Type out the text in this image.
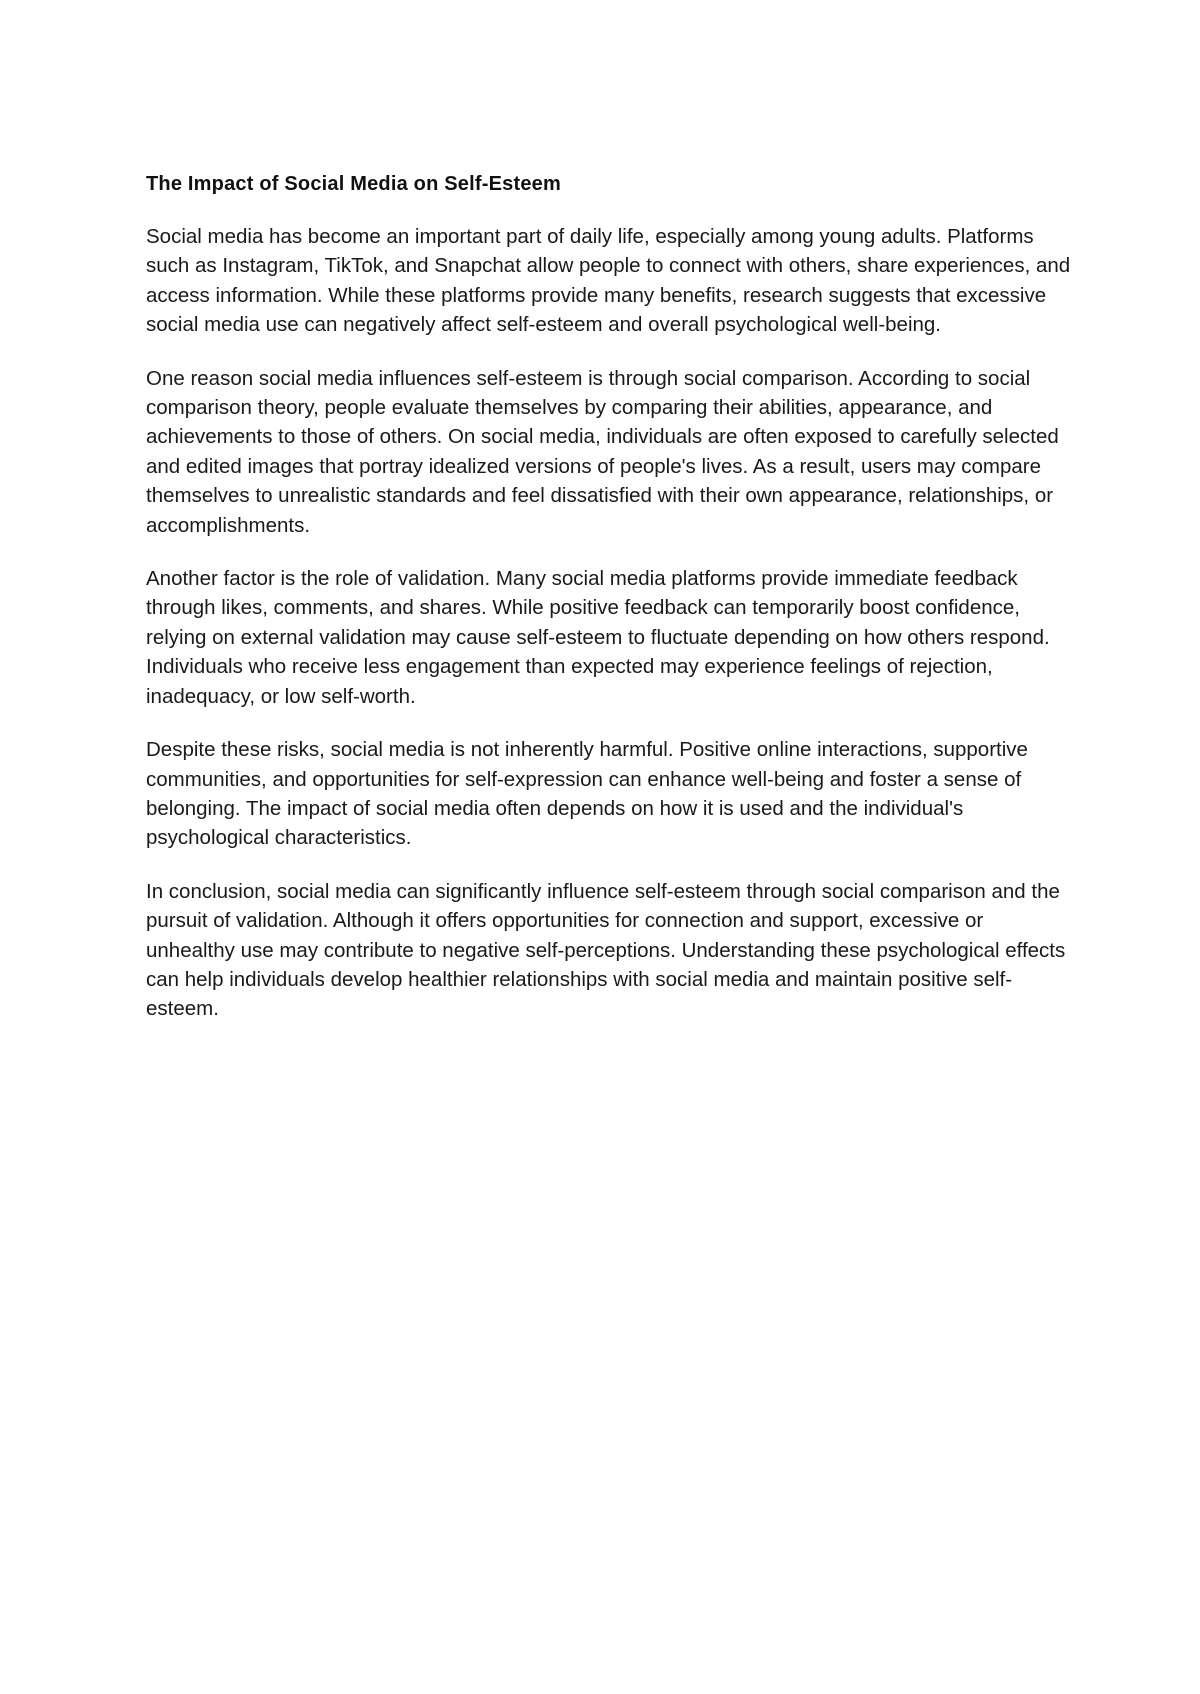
The Impact of Social Media on Self-Esteem

Social media has become an important part of daily life, especially among young adults. Platforms such as Instagram, TikTok, and Snapchat allow people to connect with others, share experiences, and access information. While these platforms provide many benefits, research suggests that excessive social media use can negatively affect self-esteem and overall psychological well-being.

One reason social media influences self-esteem is through social comparison. According to social comparison theory, people evaluate themselves by comparing their abilities, appearance, and achievements to those of others. On social media, individuals are often exposed to carefully selected and edited images that portray idealized versions of people's lives. As a result, users may compare themselves to unrealistic standards and feel dissatisfied with their own appearance, relationships, or accomplishments.

Another factor is the role of validation. Many social media platforms provide immediate feedback through likes, comments, and shares. While positive feedback can temporarily boost confidence, relying on external validation may cause self-esteem to fluctuate depending on how others respond. Individuals who receive less engagement than expected may experience feelings of rejection, inadequacy, or low self-worth.

Despite these risks, social media is not inherently harmful. Positive online interactions, supportive communities, and opportunities for self-expression can enhance well-being and foster a sense of belonging. The impact of social media often depends on how it is used and the individual's psychological characteristics.

In conclusion, social media can significantly influence self-esteem through social comparison and the pursuit of validation. Although it offers opportunities for connection and support, excessive or unhealthy use may contribute to negative self-perceptions. Understanding these psychological effects can help individuals develop healthier relationships with social media and maintain positive self-esteem.
